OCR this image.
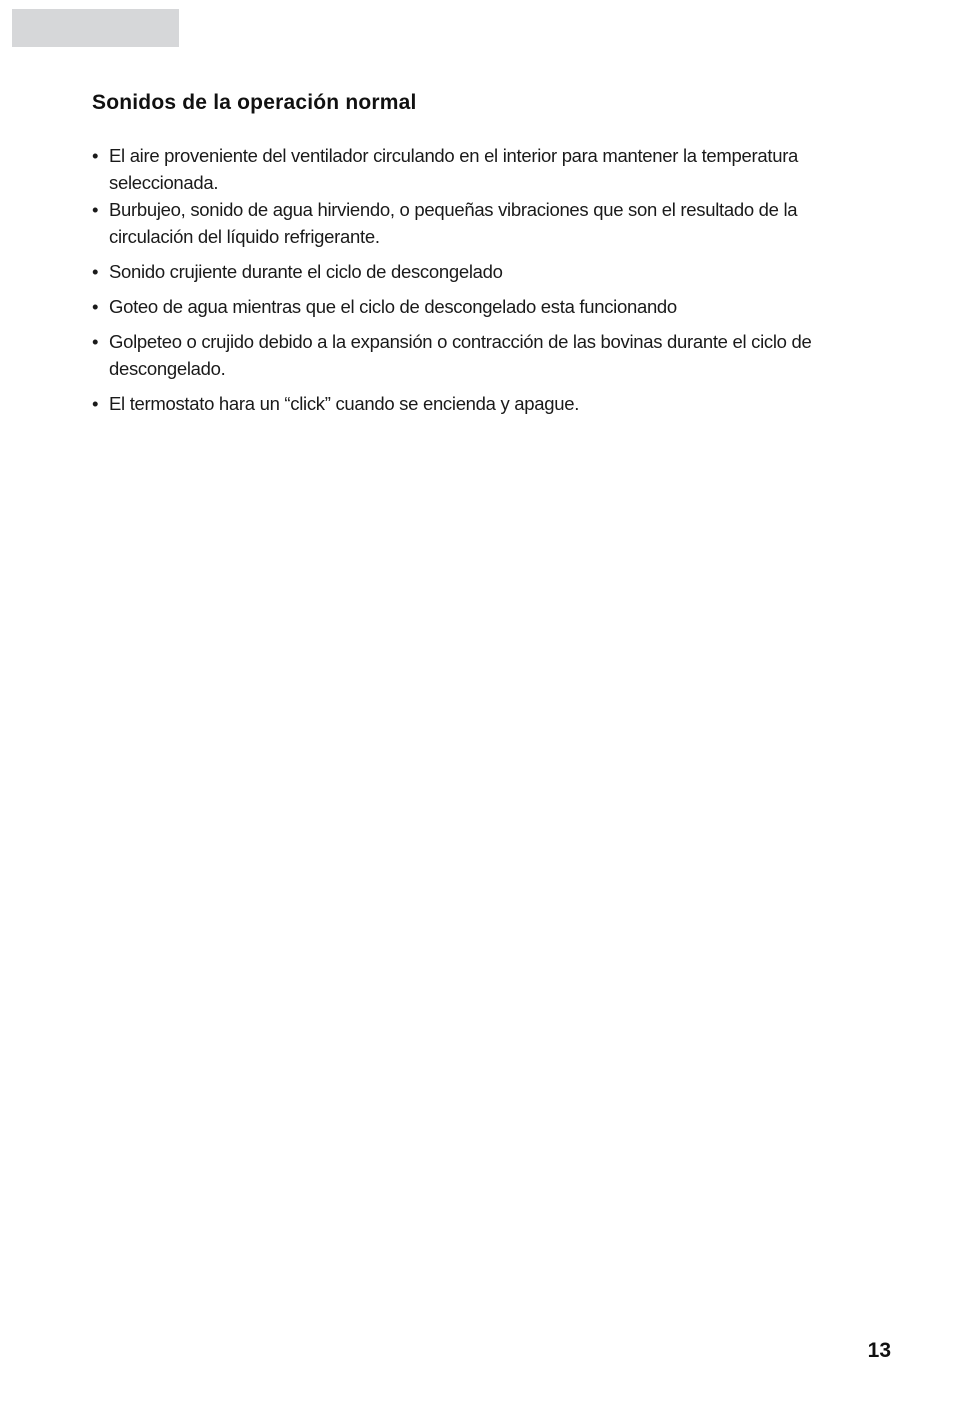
Sonidos de la operación normal
• El aire proveniente del ventilador circulando en el interior para mantener la temperatura seleccionada.
• Burbujeo, sonido de agua hirviendo, o pequeñas vibraciones que son el resultado de la circulación del líquido refrigerante.
• Sonido crujiente durante el ciclo de descongelado
• Goteo de agua mientras que el ciclo de descongelado esta funcionando
• Golpeteo o crujido debido a la expansión o contracción de las bovinas durante el ciclo de descongelado.
• El termostato hara un “click” cuando se encienda y apague.
13
